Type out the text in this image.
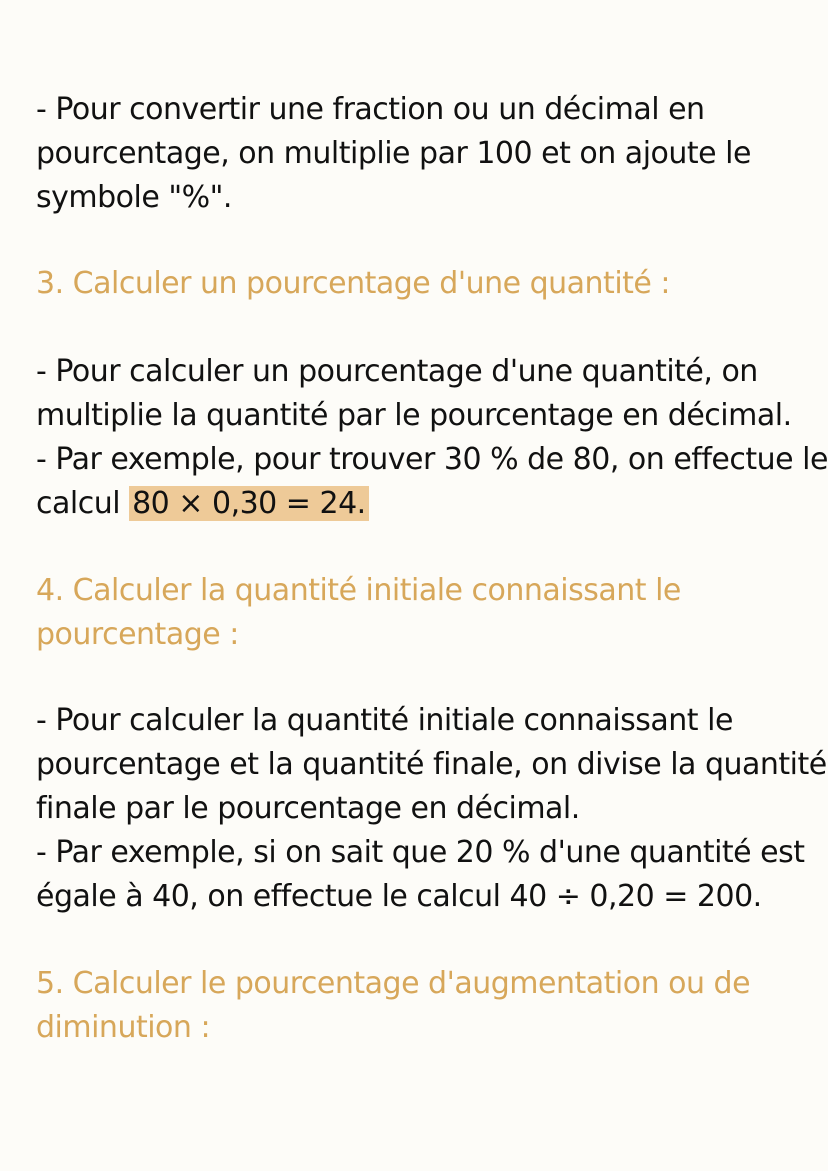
- Pour convertir une fraction ou un décimal en
pourcentage, on multiplie par 100 et on ajoute le
symbole "%".
3. Calculer un pourcentage d'une quantité :
- Pour calculer un pourcentage d'une quantité, on
multiplie la quantité par le pourcentage en décimal.
- Par exemple, pour trouver 30 % de 80, on effectue le
calcul 80 × 0,30 = 24.
4. Calculer la quantité initiale connaissant le
pourcentage :
- Pour calculer la quantité initiale connaissant le
pourcentage et la quantité finale, on divise la quantité
finale par le pourcentage en décimal.
- Par exemple, si on sait que 20 % d'une quantité est
égale à 40, on effectue le calcul 40 ÷ 0,20 = 200.
5. Calculer le pourcentage d'augmentation ou de
diminution :
